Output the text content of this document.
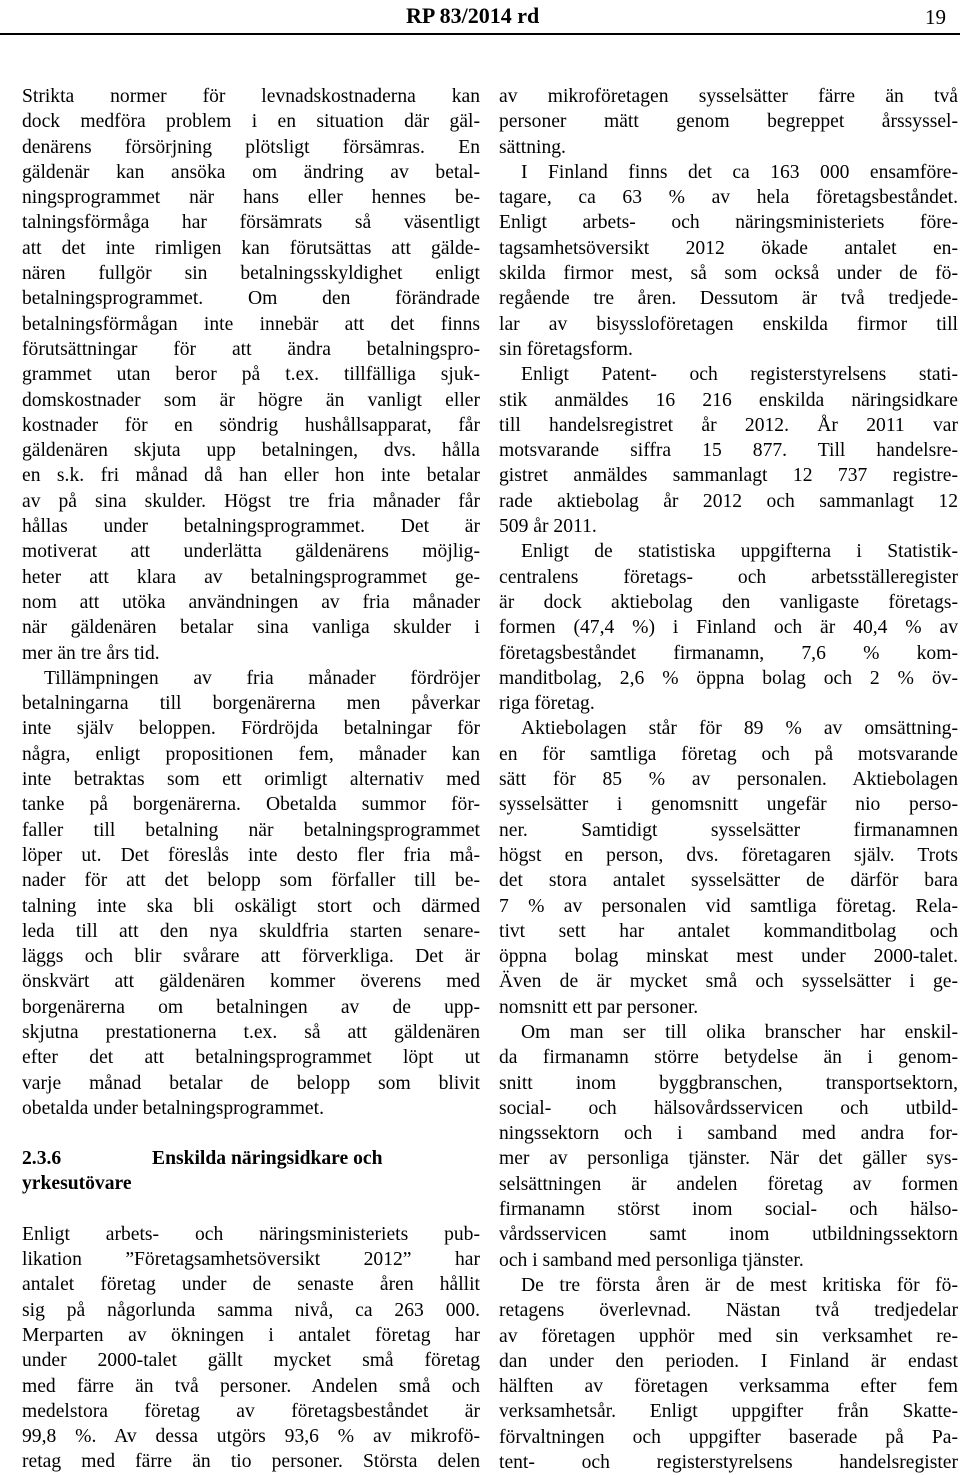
RP 83/2014 rd	19
Strikta normer för levnadskostnaderna kan
dock medföra problem i en situation där gäl-
denärens försörjning plötsligt försämras. En
gäldenär kan ansöka om ändring av betal-
ningsprogrammet när hans eller hennes be-
talningsförmåga har försämrats så väsentligt
att det inte rimligen kan förutsättas att gälde-
nären fullgör sin betalningsskyldighet enligt
betalningsprogrammet. Om den förändrade
betalningsförmågan inte innebär att det finns
förutsättningar för att ändra betalningspro-
grammet utan beror på t.ex. tillfälliga sjuk-
domskostnader som är högre än vanligt eller
kostnader för en söndrig hushållsapparat, får
gäldenären skjuta upp betalningen, dvs. hålla
en s.k. fri månad då han eller hon inte betalar
av på sina skulder. Högst tre fria månader får
hållas under betalningsprogrammet. Det är
motiverat att underlätta gäldenärens möjlig-
heter att klara av betalningsprogrammet ge-
nom att utöka användningen av fria månader
när gäldenären betalar sina vanliga skulder i
mer än tre års tid.
Tillämpningen av fria månader fördröjer
betalningarna till borgenärerna men påverkar
inte själv beloppen. Fördröjda betalningar för
några, enligt propositionen fem, månader kan
inte betraktas som ett orimligt alternativ med
tanke på borgenärerna. Obetalda summor för-
faller till betalning när betalningsprogrammet
löper ut. Det föreslås inte desto fler fria må-
nader för att det belopp som förfaller till be-
talning inte ska bli oskäligt stort och därmed
leda till att den nya skuldfria starten senare-
läggs och blir svårare att förverkliga. Det är
önskvärt att gäldenären kommer överens med
borgenärerna om betalningen av de upp-
skjutna prestationerna t.ex. så att gäldenären
efter det att betalningsprogrammet löpt ut
varje månad betalar de belopp som blivit
obetalda under betalningsprogrammet.
2.3.6	Enskilda näringsidkare och
yrkesutövare
Enligt arbets- och näringsministeriets pub-
likation ”Företagsamhetsöversikt 2012” har
antalet företag under de senaste åren hållit
sig på någorlunda samma nivå, ca 263 000.
Merparten av ökningen i antalet företag har
under 2000-talet gällt mycket små företag
med färre än två personer. Andelen små och
medelstora företag av företagsbeståndet är
99,8 %. Av dessa utgörs 93,6 % av mikrofö-
retag med färre än tio personer. Största delen
av mikroföretagen sysselsätter färre än två
personer mätt genom begreppet årssyssel-
sättning.
I Finland finns det ca 163 000 ensamföre-
tagare, ca 63 % av hela företagsbeståndet.
Enligt arbets- och näringsministeriets före-
tagsamhetsöversikt 2012 ökade antalet en-
skilda firmor mest, så som också under de fö-
regående tre åren. Dessutom är två tredjede-
lar av bisyssloföretagen enskilda firmor till
sin företagsform.
Enligt Patent- och registerstyrelsens stati-
stik anmäldes 16 216 enskilda näringsidkare
till handelsregistret år 2012. År 2011 var
motsvarande siffra 15 877. Till handelsre-
gistret anmäldes sammanlagt 12 737 registre-
rade aktiebolag år 2012 och sammanlagt 12
509 år 2011.
Enligt de statistiska uppgifterna i Statistik-
centralens företags- och arbetsställeregister
är dock aktiebolag den vanligaste företags-
formen (47,4 %) i Finland och är 40,4 % av
företagsbeståndet firmanamn, 7,6 % kom-
manditbolag, 2,6 % öppna bolag och 2 % öv-
riga företag.
Aktiebolagen står för 89 % av omsättning-
en för samtliga företag och på motsvarande
sätt för 85 % av personalen. Aktiebolagen
sysselsätter i genomsnitt ungefär nio perso-
ner. Samtidigt sysselsätter firmanamnen
högst en person, dvs. företagaren själv. Trots
det stora antalet sysselsätter de därför bara
7 % av personalen vid samtliga företag. Rela-
tivt sett har antalet kommanditbolag och
öppna bolag minskat mest under 2000-talet.
Även de är mycket små och sysselsätter i ge-
nomsnitt ett par personer.
Om man ser till olika branscher har enskil-
da firmanamn större betydelse än i genom-
snitt inom byggbranschen, transportsektorn,
social- och hälsovårdsservicen och utbild-
ningssektorn och i samband med andra for-
mer av personliga tjänster. När det gäller sys-
selsättningen är andelen företag av formen
firmanamn störst inom social- och hälso-
vårdsservicen samt inom utbildningssektorn
och i samband med personliga tjänster.
De tre första åren är de mest kritiska för fö-
retagens överlevnad. Nästan två tredjedelar
av företagen upphör med sin verksamhet re-
dan under den perioden. I Finland är endast
hälften av företagen verksamma efter fem
verksamhetsår. Enligt uppgifter från Skatte-
förvaltningen och uppgifter baserade på Pa-
tent- och registerstyrelsens handelsregister
